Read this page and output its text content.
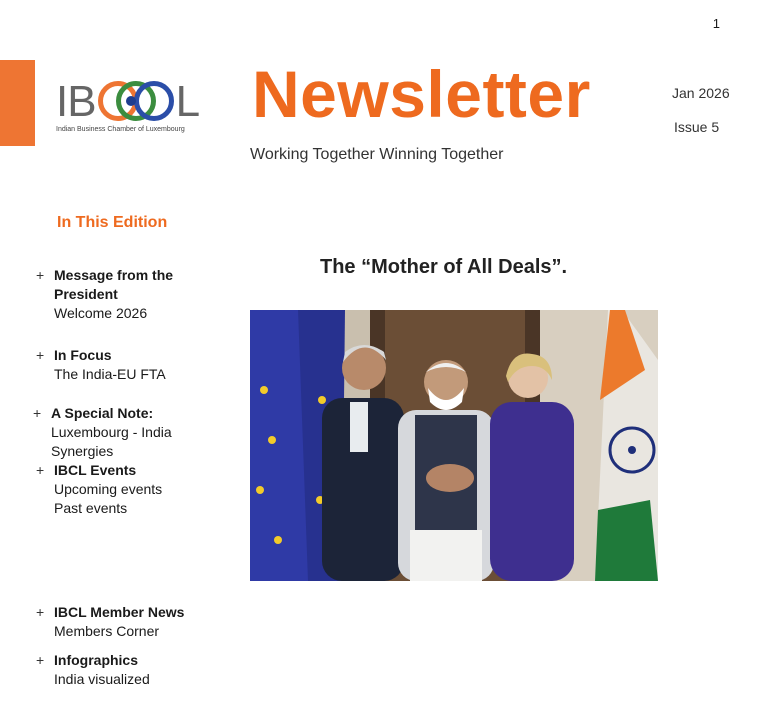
1
IB L
Indian Business Chamber of Luxembourg Newsletter
Working Together Winning Together
Jan 2026
Issue 5
In This Edition
+ Message from the
President
Welcome 2026
+ In Focus
The India-EU FTA
+ A Special Note:
Luxembourg - India
Synergies
+ IBCL Events
Upcoming events
Past events
+ IBCL Member News
Members Corner
+ Infographics
India visualized
The “Mother of All Deals”.
